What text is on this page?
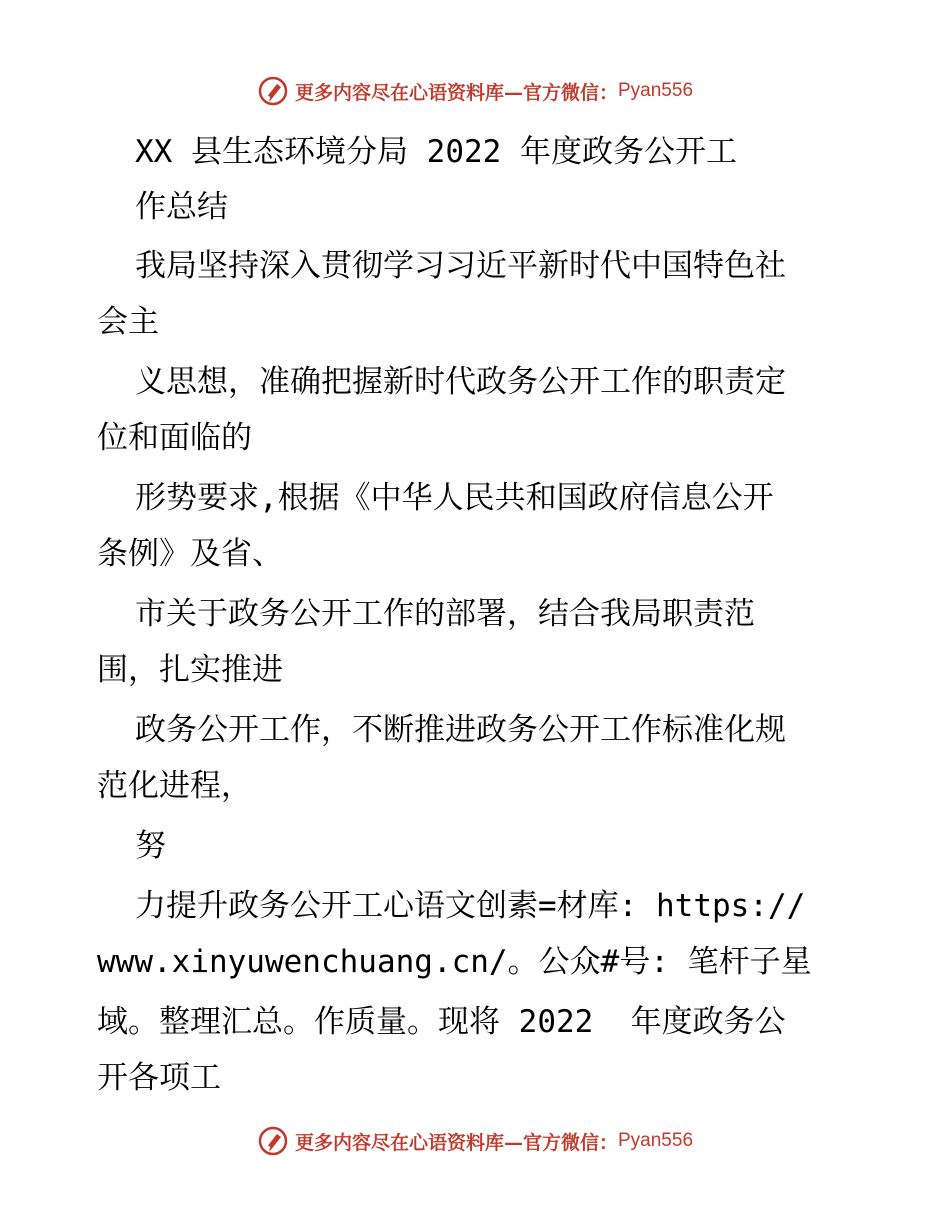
更多内容尽在心语资料库—官方微信： Pyan556
XX 县生态环境分局 2022 年度政务公开工
作总结
我局坚持深入贯彻学习习近平新时代中国特色社
会主
义思想，准确把握新时代政务公开工作的职责定
位和面临的
形势要求,根据《中华人民共和国政府信息公开
条例》及省、
市关于政务公开工作的部署，结合我局职责范
围，扎实推进
政务公开工作，不断推进政务公开工作标准化规
范化进程，
努
力提升政务公开工心语文创素=材库: https://
www.xinyuwenchuang.cn/。公众#号: 笔杆子星
域。整理汇总。作质量。现将 2022  年度政务公
开各项工
更多内容尽在心语资料库—官方微信： Pyan556
